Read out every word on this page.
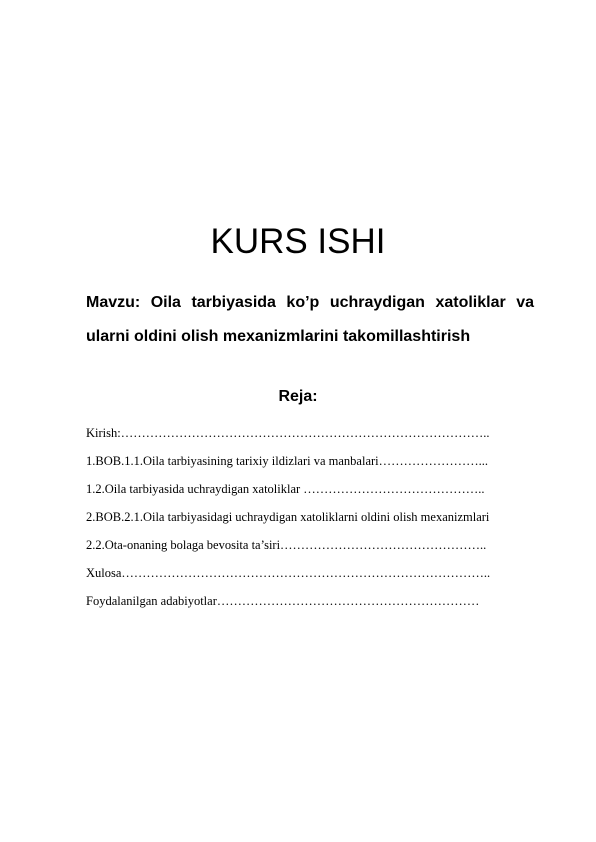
KURS ISHI
Mavzu: Oila tarbiyasida ko’p uchraydigan xatoliklar va ularni oldini olish mexanizmlarini takomillashtirish
Reja:
Kirish:……………………………………………………………………………..
1.BOB.1.1.Oila tarbiyasining tarixiy ildizlari va manbalari……………………...
1.2.Oila tarbiyasida uchraydigan xatoliklar ……………………………………..
2.BOB.2.1.Oila tarbiyasidagi uchraydigan xatoliklarni oldini olish mexanizmlari
2.2.Ota-onaning bolaga bevosita ta’siri…………………………………………..
Xulosa……………………………………………………………………………..
Foydalanilgan adabiyotlar………………………………………………………
